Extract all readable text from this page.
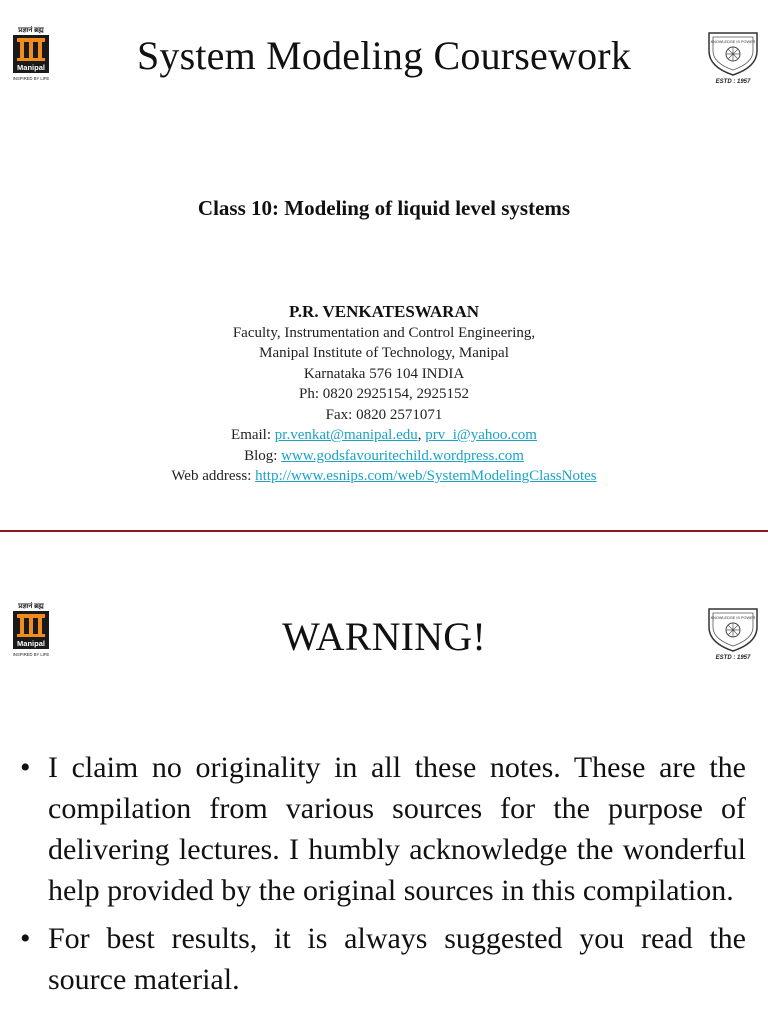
प्रज्ञानं ब्रह्म
Manipal
INSPIRED BY LIFE
System Modeling Coursework	KNOWLEDGE IS POWER
ESTD : 1957
Class 10: Modeling of liquid level systems
P.R. VENKATESWARAN
Faculty, Instrumentation and Control Engineering,
Manipal Institute of Technology, Manipal
Karnataka 576 104 INDIA
Ph: 0820 2925154, 2925152
Fax: 0820 2571071
Email: pr.venkat@manipal.edu, prv_i@yahoo.com
Blog: www.godsfavouritechild.wordpress.com
Web address: http://www.esnips.com/web/SystemModelingClassNotes
प्रज्ञानं ब्रह्म
Manipal
INSPIRED BY LIFE	WARNING!	KNOWLEDGE IS POWER
ESTD : 1957
• I claim no originality in all these notes. These are the compilation from various sources for the purpose of delivering lectures. I humbly acknowledge the wonderful help provided by the original sources in this compilation.
• For best results, it is always suggested you read the source material.
